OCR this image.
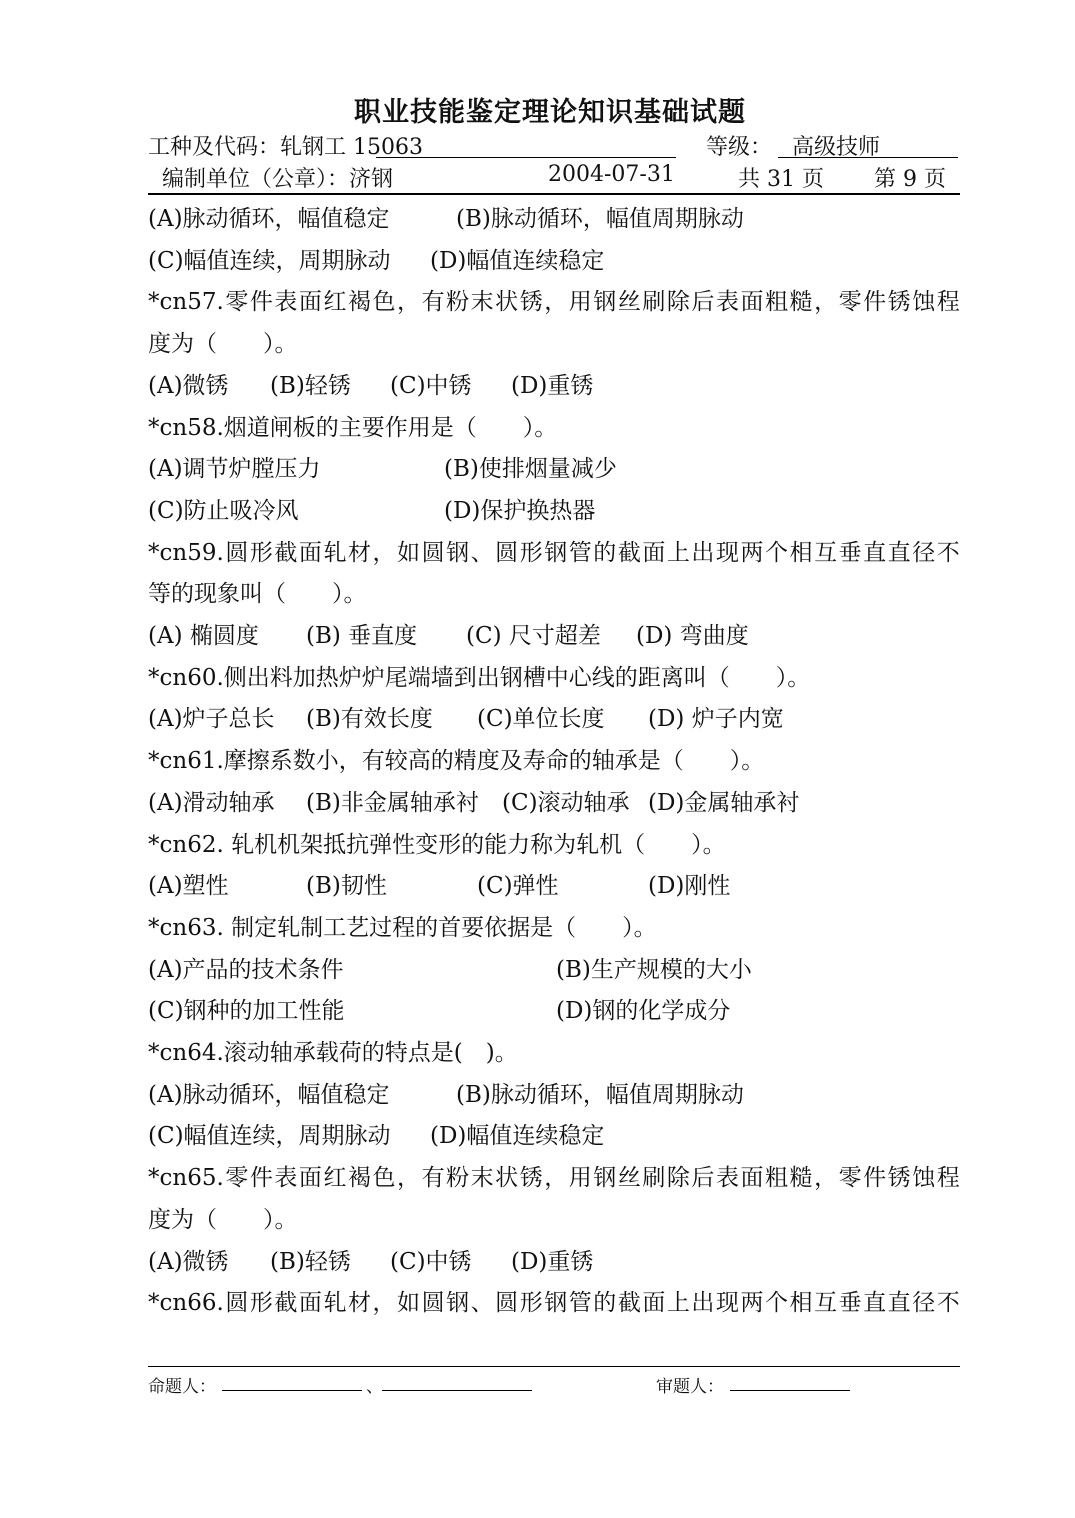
职业技能鉴定理论知识基础试题
工种及代码：轧钢工 15063	等级： 高级技师
编制单位（公章）：济钢	2004-07-31	共 31 页 第 9 页
(A)脉动循环，幅值稳定	(B)脉动循环，幅值周期脉动
(C)幅值连续，周期脉动 (D)幅值连续稳定
*cn57. 零 件 表 面 红 褐 色 ， 有 粉 末 状 锈 ， 用 钢 丝 刷 除 后 表 面 粗 糙 ， 零 件 锈 蚀 程
度为（　　）。
(A)微锈 (B)轻锈 (C)中锈 (D)重锈
*cn58.烟道闸板的主要作用是（　　）。
(A)调节炉膛压力	(B)使排烟量减少
(C)防止吸冷风	(D)保护换热器
*cn59. 圆 形 截 面 轧 材 ， 如 圆 钢 、 圆 形 钢 管 的 截 面 上 出 现 两 个 相 互 垂 直 直 径 不
等的现象叫（　　）。
(A) 椭圆度 (B) 垂直度 (C) 尺寸超差 (D) 弯曲度
*cn60.侧出料加热炉炉尾端墙到出钢槽中心线的距离叫（　　）。
(A)炉子总长 (B)有效长度 (C)单位长度 (D) 炉子内宽
*cn61.摩擦系数小，有较高的精度及寿命的轴承是（　　）。
(A)滑动轴承 (B)非金属轴承衬 (C)滚动轴承 (D)金属轴承衬
*cn62. 轧机机架抵抗弹性变形的能力称为轧机（　　）。
(A)塑性	(B)韧性	(C)弹性	(D)刚性
*cn63. 制定轧制工艺过程的首要依据是（　　）。
(A)产品的技术条件	(B)生产规模的大小
(C)钢种的加工性能	(D)钢的化学成分
*cn64.滚动轴承载荷的特点是(　)。
(A)脉动循环，幅值稳定	(B)脉动循环，幅值周期脉动
(C)幅值连续，周期脉动 (D)幅值连续稳定
*cn65. 零 件 表 面 红 褐 色 ， 有 粉 末 状 锈 ， 用 钢 丝 刷 除 后 表 面 粗 糙 ， 零 件 锈 蚀 程
度为（　　）。
(A)微锈 (B)轻锈 (C)中锈 (D)重锈
*cn66. 圆 形 截 面 轧 材 ， 如 圆 钢 、 圆 形 钢 管 的 截 面 上 出 现 两 个 相 互 垂 直 直 径 不
命题人：	、	审题人：
